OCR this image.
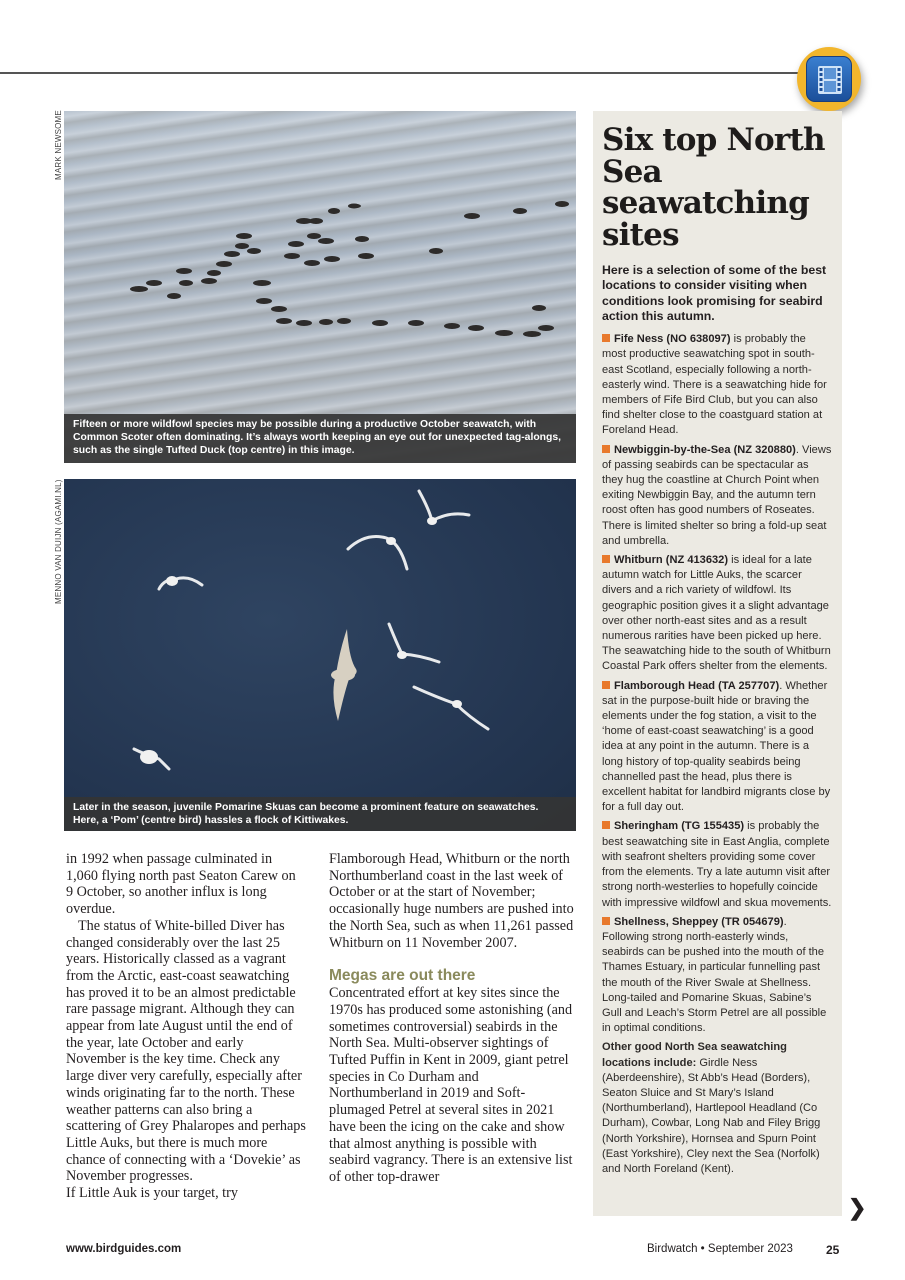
MARK NEWSOME
Fifteen or more wildfowl species may be possible during a productive October seawatch, with Common Scoter often dominating. It’s always worth keeping an eye out for unexpected tag-alongs, such as the single Tufted Duck (top centre) in this image.
MENNO VAN DUIJN (AGAMI.NL)
Later in the season, juvenile Pomarine Skuas can become a prominent feature on seawatches. Here, a ‘Pom’ (centre bird) hassles a flock of Kittiwakes.

in 1992 when passage culminated in 1,060 flying north past Seaton Carew on 9 October, so another influx is long overdue.

The status of White-billed Diver has changed considerably over the last 25 years. Historically classed as a vagrant from the Arctic, east-coast seawatching has proved it to be an almost predictable rare passage migrant. Although they can appear from late August until the end of the year, late October and early November is the key time. Check any large diver very carefully, especially after winds originating far to the north. These weather patterns can also bring a scattering of Grey Phalaropes and perhaps Little Auks, but there is much more chance of connecting with a ‘Dovekie’ as November progresses.

If Little Auk is your target, try

Flamborough Head, Whitburn or the north Northumberland coast in the last week of October or at the start of November; occasionally huge numbers are pushed into the North Sea, such as when 11,261 passed Whitburn on 11 November 2007.

Megas are out there

Concentrated effort at key sites since the 1970s has produced some astonishing (and sometimes controversial) seabirds in the North Sea. Multi-observer sightings of Tufted Puffin in Kent in 2009, giant petrel species in Co Durham and Northumberland in 2019 and Soft-plumaged Petrel at several sites in 2021 have been the icing on the cake and show that almost anything is possible with seabird vagrancy. There is an extensive list of other top-drawer

Six top North Sea seawatching sites
Here is a selection of some of the best locations to consider visiting when conditions look promising for seabird action this autumn.
Fife Ness (NO 638097) is probably the most productive seawatching spot in south-east Scotland, especially following a north-easterly wind. There is a seawatching hide for members of Fife Bird Club, but you can also find shelter close to the coastguard station at Foreland Head.
Newbiggin-by-the-Sea (NZ 320880). Views of passing seabirds can be spectacular as they hug the coastline at Church Point when exiting Newbiggin Bay, and the autumn tern roost often has good numbers of Roseates. There is limited shelter so bring a fold-up seat and umbrella.
Whitburn (NZ 413632) is ideal for a late autumn watch for Little Auks, the scarcer divers and a rich variety of wildfowl. Its geographic position gives it a slight advantage over other north-east sites and as a result numerous rarities have been picked up here. The seawatching hide to the south of Whitburn Coastal Park offers shelter from the elements.
Flamborough Head (TA 257707). Whether sat in the purpose-built hide or braving the elements under the fog station, a visit to the ‘home of east-coast seawatching’ is a good idea at any point in the autumn. There is a long history of top-quality seabirds being channelled past the head, plus there is excellent habitat for landbird migrants close by for a full day out.
Sheringham (TG 155435) is probably the best seawatching site in East Anglia, complete with seafront shelters providing some cover from the elements. Try a late autumn visit after strong north-westerlies to hopefully coincide with impressive wildfowl and skua movements.
Shellness, Sheppey (TR 054679). Following strong north-easterly winds, seabirds can be pushed into the mouth of the Thames Estuary, in particular funnelling past the mouth of the River Swale at Shellness. Long-tailed and Pomarine Skuas, Sabine’s Gull and Leach’s Storm Petrel are all possible in optimal conditions.
Other good North Sea seawatching locations include: Girdle Ness (Aberdeenshire), St Abb’s Head (Borders), Seaton Sluice and St Mary’s Island (Northumberland), Hartlepool Headland (Co Durham), Cowbar, Long Nab and Filey Brigg (North Yorkshire), Hornsea and Spurn Point (East Yorkshire), Cley next the Sea (Norfolk) and North Foreland (Kent).
❯
www.birdguides.com	Birdwatch • September 2023	25
